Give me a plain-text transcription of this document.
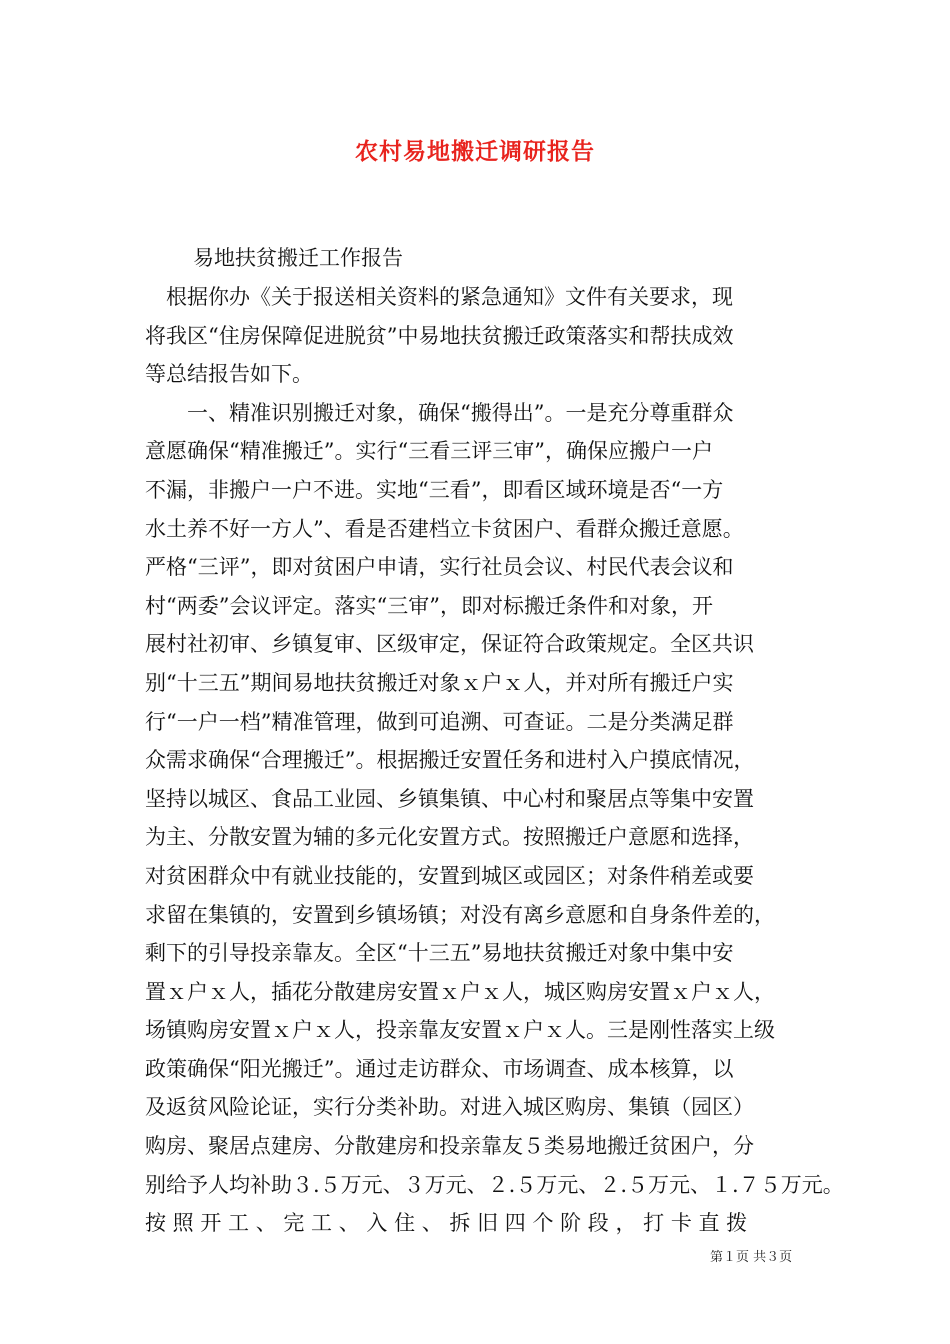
农村易地搬迁调研报告

易地扶贫搬迁工作报告

　根据你办《关于报送相关资料的紧急通知》文件有关要求，现
将我区“住房保障促进脱贫”中易地扶贫搬迁政策落实和帮扶成效
等总结报告如下。
　　一、精准识别搬迁对象，确保“搬得出”。一是充分尊重群众
意愿确保“精准搬迁”。实行“三看三评三审”，确保应搬户一户
不漏，非搬户一户不进。实地“三看”，即看区域环境是否“一方
水土养不好一方人”、看是否建档立卡贫困户、看群众搬迁意愿。
严格“三评”，即对贫困户申请，实行社员会议、村民代表会议和
村“两委”会议评定。落实“三审”，即对标搬迁条件和对象，开
展村社初审、乡镇复审、区级审定，保证符合政策规定。全区共识
别“十三五”期间易地扶贫搬迁对象ｘ户ｘ人，并对所有搬迁户实
行“一户一档”精准管理，做到可追溯、可查证。二是分类满足群
众需求确保“合理搬迁”。根据搬迁安置任务和进村入户摸底情况，
坚持以城区、食品工业园、乡镇集镇、中心村和聚居点等集中安置
为主、分散安置为辅的多元化安置方式。按照搬迁户意愿和选择，
对贫困群众中有就业技能的，安置到城区或园区；对条件稍差或要
求留在集镇的，安置到乡镇场镇；对没有离乡意愿和自身条件差的，
剩下的引导投亲靠友。全区“十三五”易地扶贫搬迁对象中集中安
置ｘ户ｘ人，插花分散建房安置ｘ户ｘ人，城区购房安置ｘ户ｘ人，
场镇购房安置ｘ户ｘ人，投亲靠友安置ｘ户ｘ人。三是刚性落实上级
政策确保“阳光搬迁”。通过走访群众、市场调查、成本核算，以
及返贫风险论证，实行分类补助。对进入城区购房、集镇（园区）
购房、聚居点建房、分散建房和投亲靠友５类易地搬迁贫困户，分
别给予人均补助３.５万元、３万元、２.５万元、２.５万元、１.７５万元。
按 照 开 工 、 完 工 、 入 住 、 拆 旧 四 个 阶 段 ， 打 卡 直 拨
第１页 共３页
